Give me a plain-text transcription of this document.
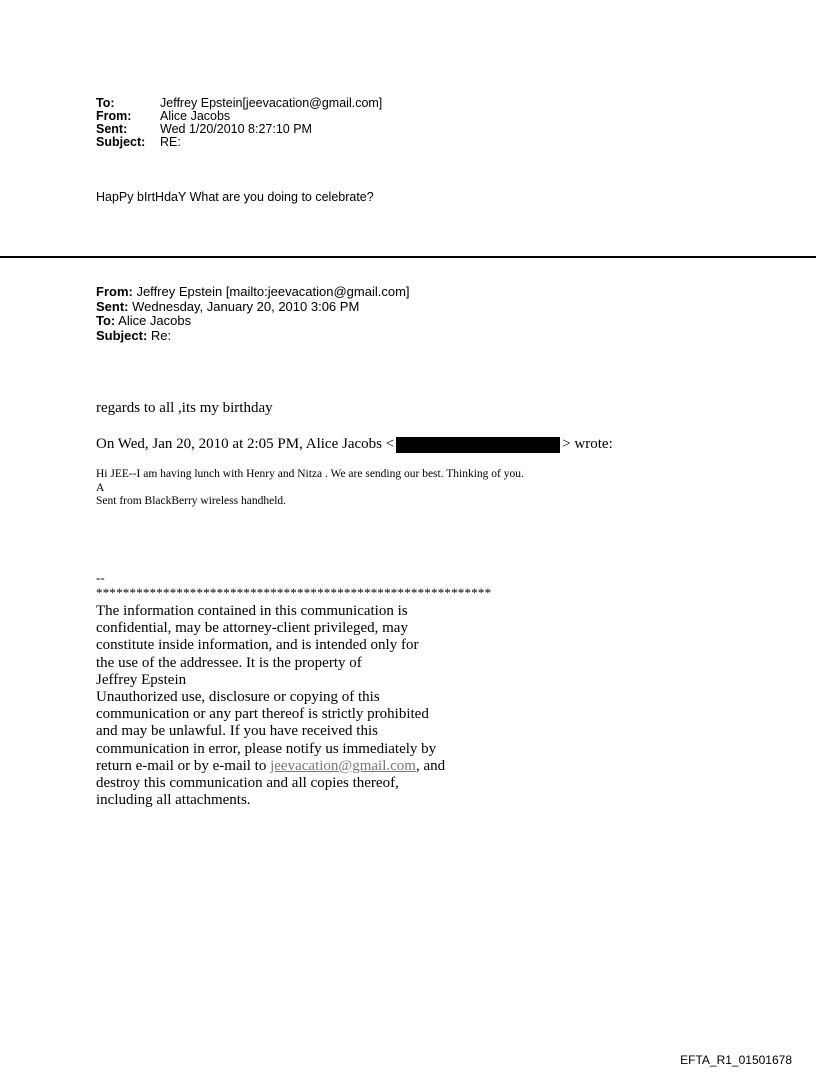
To:	Jeffrey Epstein[jeevacation@gmail.com]
From:	Alice Jacobs
Sent:	Wed 1/20/2010 8:27:10 PM
Subject:	RE:
HapPy bIrtHdaY What are you doing to celebrate?
From: Jeffrey Epstein [mailto:jeevacation@gmail.com]
Sent: Wednesday, January 20, 2010 3:06 PM
To: Alice Jacobs
Subject: Re:
regards to all ,its my birthday
On Wed, Jan 20, 2010 at 2:05 PM, Alice Jacobs <	> wrote:
Hi JEE--I am having lunch with Henry and Nitza . We are sending our best. Thinking of you.
A
Sent from BlackBerry wireless handheld.
--
***********************************************************
The information contained in this communication is
confidential, may be attorney-client privileged, may
constitute inside information, and is intended only for
the use of the addressee. It is the property of
Jeffrey Epstein
Unauthorized use, disclosure or copying of this
communication or any part thereof is strictly prohibited
and may be unlawful. If you have received this
communication in error, please notify us immediately by
return e-mail or by e-mail to jeevacation@gmail.com, and
destroy this communication and all copies thereof,
including all attachments.
EFTA_R1_01501678
